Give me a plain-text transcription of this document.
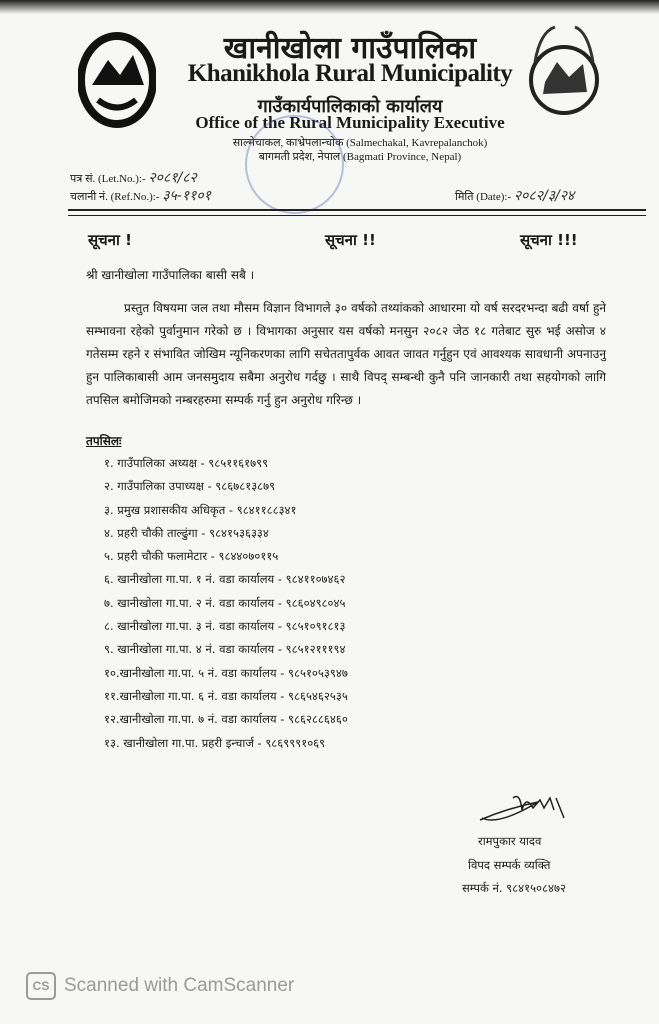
खानीखोला गाउँपालिका
Khanikhola Rural Municipality
गाउँकार्यपालिकाको कार्यालय
Office of the Rural Municipality Executive
साल्मेचाकल, काभ्रेपलान्चोक (Salmechakal, Kavrepalanchok)
बागमती प्रदेश, नेपाल (Bagmati Province, Nepal)
पत्र सं. (Let.No.):- २०८१/८२
चलानी नं. (Ref.No.):- ३५-११०१	मिति (Date):- २०८२/३/२४
सूचना !	सूचना !!	सूचना !!!
श्री खानीखोला गाउँपालिका बासी सबै ।
प्रस्तुत विषयमा जल तथा मौसम विज्ञान विभागले ३० वर्षको तथ्यांकको आधारमा यो वर्ष सरदरभन्दा बढी वर्षा हुने सम्भावना रहेको पुर्वानुमान गरेको छ । विभागका अनुसार यस वर्षको मनसुन २०८२ जेठ १८ गतेबाट सुरु भई असोज ४ गतेसम्म रहने र संभावित जोखिम न्यूनिकरणका लागि सचेततापुर्वक आवत जावत गर्नुहुन एवं आवश्यक सावधानी अपनाउनु हुन पालिकाबासी आम जनसमुदाय सबैमा अनुरोध गर्दछु । साथै विपद् सम्बन्धी कुनै पनि जानकारी तथा सहयोगको लागि तपसिल बमोजिमको नम्बरहरुमा सम्पर्क गर्नु हुन अनुरोध गरिन्छ ।
तपसिलः
१. गाउँपालिका अध्यक्ष - ९८५११६१७९९
२. गाउँपालिका उपाध्यक्ष - ९८६७८१३८७९
३. प्रमुख प्रशासकीय अधिकृत - ९८४११८८३४१
४. प्रहरी चौकी ताल्ढुंगा - ९८४१५३६३३४
५. प्रहरी चौकी फलामेटार - ९८४४०७०११५
६. खानीखोला गा.पा. १ नं. वडा कार्यालय - ९८४११०७४६२
७. खानीखोला गा.पा. २ नं. वडा कार्यालय - ९८६०४९८०४५
८. खानीखोला गा.पा. ३ नं. वडा कार्यालय - ९८५१०९१८१३
९. खानीखोला गा.पा. ४ नं. वडा कार्यालय - ९८५१२१११९४
१०.खानीखोला गा.पा. ५ नं. वडा कार्यालय - ९८५१०५३९४७
११.खानीखोला गा.पा. ६ नं. वडा कार्यालय - ९८६५४६२५३५
१२.खानीखोला गा.पा. ७ नं. वडा कार्यालय - ९८६२८८६४६०
१३. खानीखोला गा.पा. प्रहरी इन्चार्ज - ९८६९९९१०६९
रामपुकार यादव
विपद सम्पर्क व्यक्ति
सम्पर्क नं. ९८४१५०८४७२
CS Scanned with CamScanner
